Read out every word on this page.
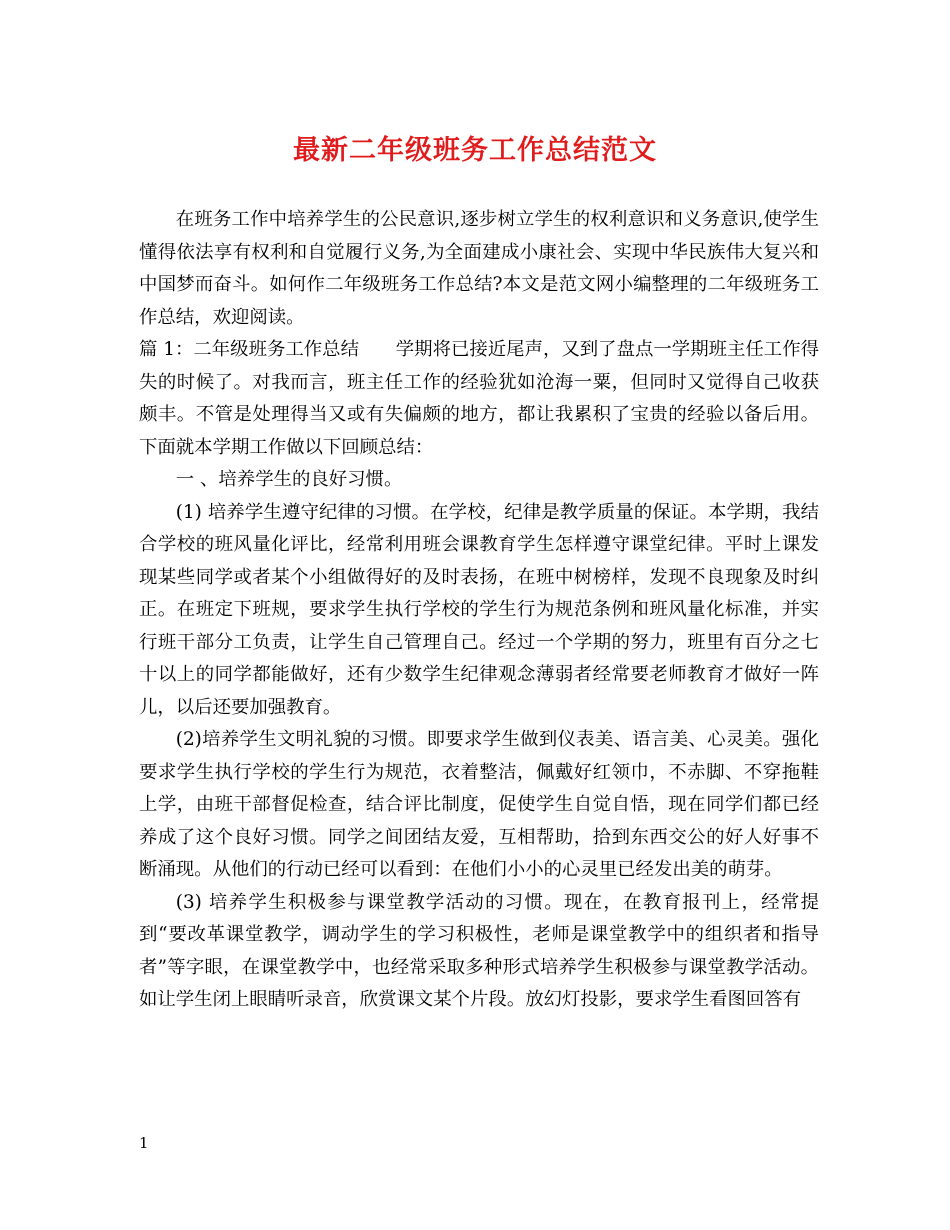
最新二年级班务工作总结范文

在班务工作中培养学生的公民意识,逐步树立学生的权利意识和义务意识,使学生懂得依法享有权利和自觉履行义务,为全面建成小康社会、实现中华民族伟大复兴和中国梦而奋斗。如何作二年级班务工作总结?本文是范文网小编整理的二年级班务工作总结，欢迎阅读。

篇 1：二年级班务工作总结　　学期将已接近尾声，又到了盘点一学期班主任工作得失的时候了。对我而言，班主任工作的经验犹如沧海一粟，但同时又觉得自己收获颇丰。不管是处理得当又或有失偏颇的地方，都让我累积了宝贵的经验以备后用。下面就本学期工作做以下回顾总结：

一 、培养学生的良好习惯。

(1) 培养学生遵守纪律的习惯。在学校，纪律是教学质量的保证。本学期，我结合学校的班风量化评比，经常利用班会课教育学生怎样遵守课堂纪律。平时上课发现某些同学或者某个小组做得好的及时表扬，在班中树榜样，发现不良现象及时纠正。在班定下班规，要求学生执行学校的学生行为规范条例和班风量化标准，并实行班干部分工负责，让学生自己管理自己。经过一个学期的努力，班里有百分之七十以上的同学都能做好，还有少数学生纪律观念薄弱者经常要老师教育才做好一阵儿，以后还要加强教育。

(2)培养学生文明礼貌的习惯。即要求学生做到仪表美、语言美、心灵美。强化要求学生执行学校的学生行为规范，衣着整洁，佩戴好红领巾，不赤脚、不穿拖鞋上学，由班干部督促检查，结合评比制度，促使学生自觉自悟，现在同学们都已经养成了这个良好习惯。同学之间团结友爱，互相帮助，拾到东西交公的好人好事不断涌现。从他们的行动已经可以看到：在他们小小的心灵里已经发出美的萌芽。

(3) 培养学生积极参与课堂教学活动的习惯。现在，在教育报刊上，经常提到“要改革课堂教学，调动学生的学习积极性，老师是课堂教学中的组织者和指导者”等字眼，在课堂教学中，也经常采取多种形式培养学生积极参与课堂教学活动。如让学生闭上眼睛听录音，欣赏课文某个片段。放幻灯投影，要求学生看图回答有

1
